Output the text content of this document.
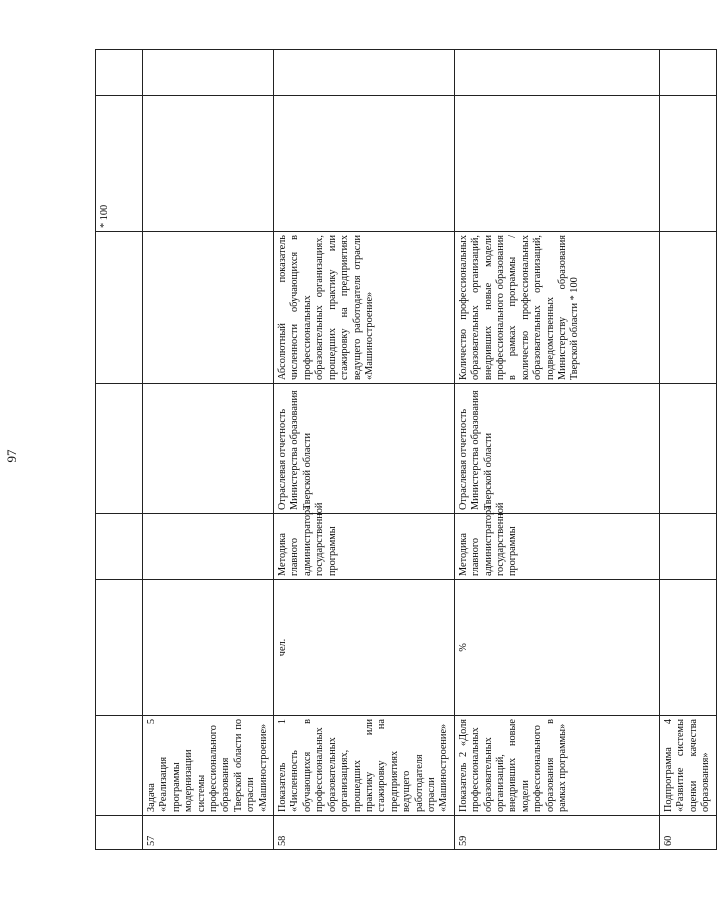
97
						* 100	
57	Задача 5 «Реализация программы модернизации системы профессионального образования Тверской области по отрасли «Машиностроение»						
58	Показатель 1 «Численность обучающихся в профессиональных образовательных организациях, прошедших практику или стажировку на предприятиях ведущего работодателя отрасли «Машиностроение»	чел.	Методика главного администратора государственной программы	Отраслевая отчетность Министерства образования Тверской области	Абсолютный показатель численности обучающихся в профессиональных образовательных организациях, прошедших практику или стажировку на предприятиях ведущего работодателя отрасли «Машиностроение»		
59	Показатель 2 «Доля профессиональных образовательных организаций, внедривших новые модели профессионального образования в рамках программы»	%	Методика главного администратора государственной программы	Отраслевая отчетность Министерства образования Тверской области	Количество профессиональных образовательных организаций, внедривших новые модели профессионального образования в рамках программы / количество профессиональных образовательных организаций, подведомственных Министерству образования Тверской области * 100		
60	Подпрограмма 4 «Развитие системы оценки качества образования»						
